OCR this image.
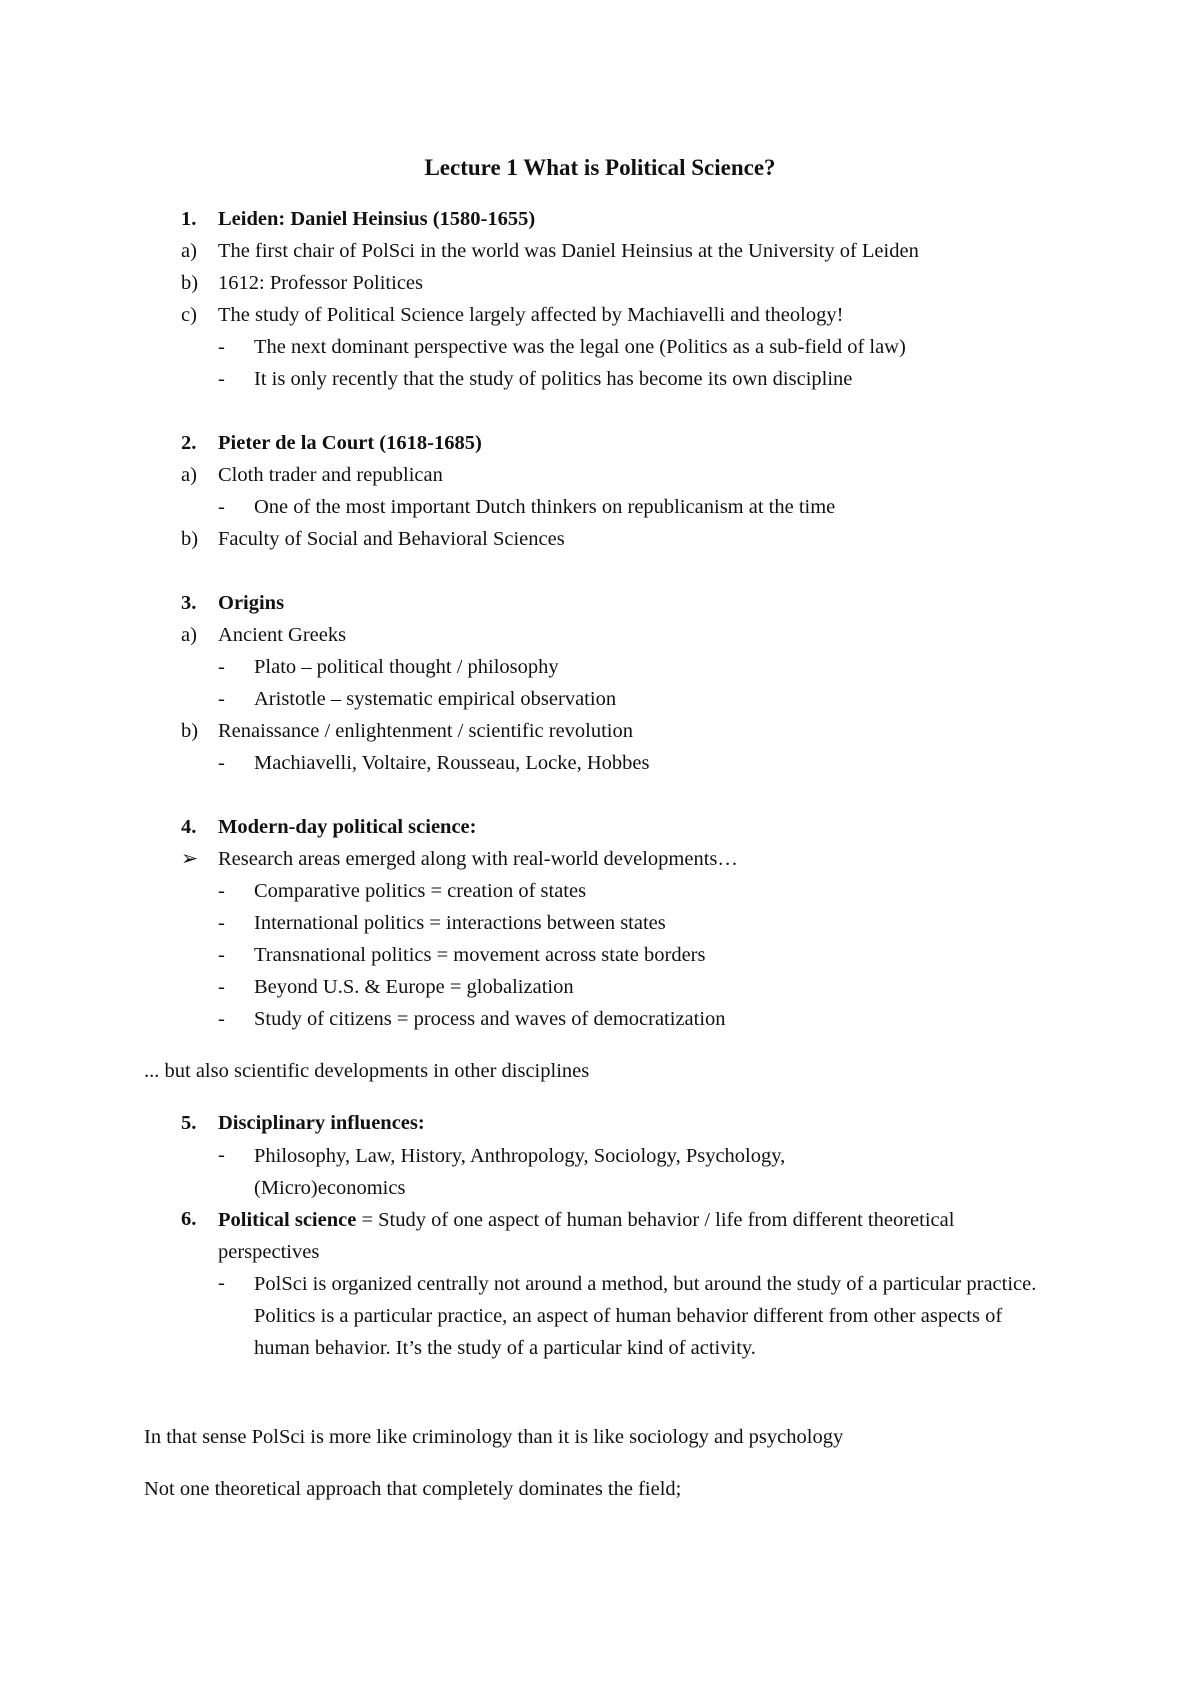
Lecture 1 What is Political Science?
1. Leiden: Daniel Heinsius (1580-1655)
a) The first chair of PolSci in the world was Daniel Heinsius at the University of Leiden
b) 1612: Professor Politices
c) The study of Political Science largely affected by Machiavelli and theology!
- The next dominant perspective was the legal one (Politics as a sub-field of law)
- It is only recently that the study of politics has become its own discipline
2. Pieter de la Court (1618-1685)
a) Cloth trader and republican
- One of the most important Dutch thinkers on republicanism at the time
b) Faculty of Social and Behavioral Sciences
3. Origins
a) Ancient Greeks
- Plato – political thought / philosophy
- Aristotle – systematic empirical observation
b) Renaissance / enlightenment / scientific revolution
- Machiavelli, Voltaire, Rousseau, Locke, Hobbes
4. Modern-day political science:
➢ Research areas emerged along with real-world developments…
- Comparative politics = creation of states
- International politics = interactions between states
- Transnational politics = movement across state borders
- Beyond U.S. & Europe = globalization
- Study of citizens = process and waves of democratization
... but also scientific developments in other disciplines
5. Disciplinary influences:
- Philosophy, Law, History, Anthropology, Sociology, Psychology, (Micro)economics
6. Political science = Study of one aspect of human behavior / life from different theoretical perspectives
- PolSci is organized centrally not around a method, but around the study of a particular practice. Politics is a particular practice, an aspect of human behavior different from other aspects of human behavior. It’s the study of a particular kind of activity.
In that sense PolSci is more like criminology than it is like sociology and psychology
Not one theoretical approach that completely dominates the field;
